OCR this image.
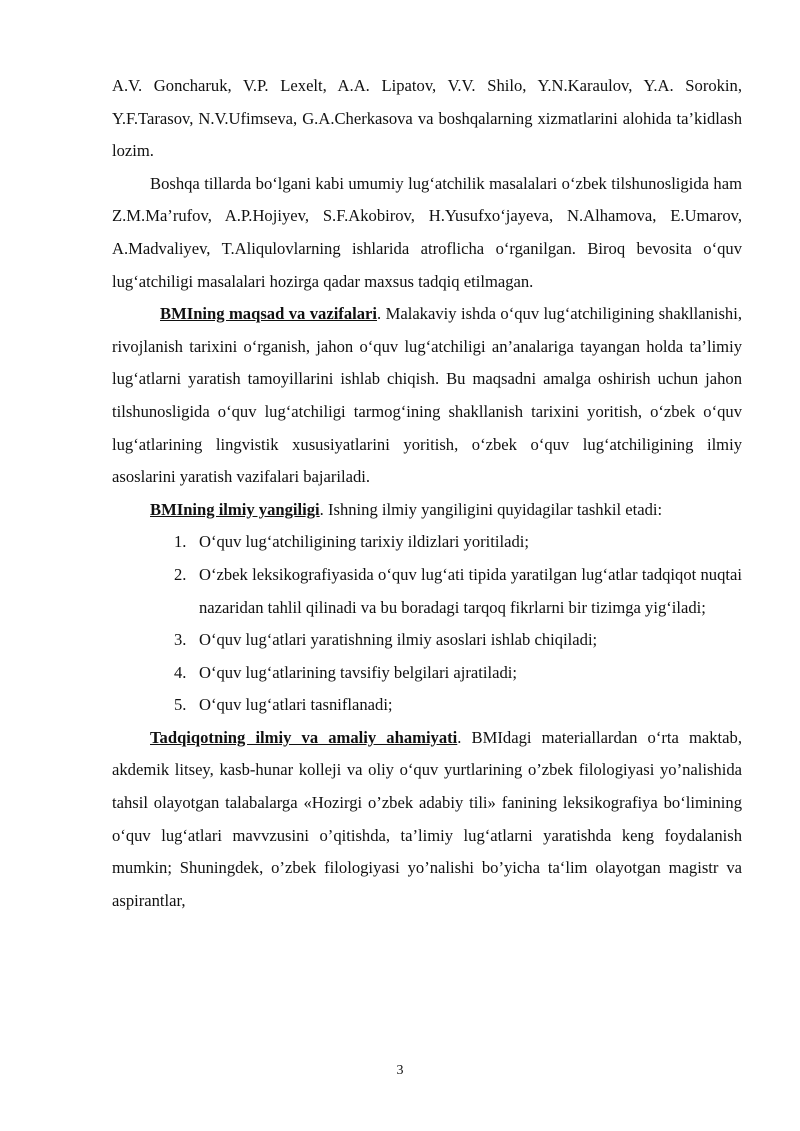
A.V. Goncharuk, V.P. Lexelt, A.A. Lipatov, V.V. Shilo, Y.N.Karaulov, Y.A. Sorokin, Y.F.Tarasov, N.V.Ufimseva, G.A.Cherkasova va boshqalarning xizmatlarini alohida ta’kidlash lozim.

Boshqa tillarda bo‘lgani kabi umumiy lug‘atchilik masalalari o‘zbek tilshunosligida ham Z.M.Ma’rufov, A.P.Hojiyev, S.F.Akobirov, H.Yusufxo‘jayeva, N.Alhamova, E.Umarov, A.Madvaliyev, T.Aliqulovlarning ishlarida atroflicha o‘rganilgan. Biroq bevosita o‘quv lug‘atchiligi masalalari hozirga qadar maxsus tadqiq etilmagan.

BMIning maqsad va vazifalari. Malakaviy ishda o‘quv lug‘atchiligining shakllanishi, rivojlanish tarixini o‘rganish, jahon o‘quv lug‘atchiligi an’analariga tayangan holda ta’limiy lug‘atlarni yaratish tamoyillarini ishlab chiqish. Bu maqsadni amalga oshirish uchun jahon tilshunosligida o‘quv lug‘atchiligi tarmog‘ining shakllanish tarixini yoritish, o‘zbek o‘quv lug‘atlarining lingvistik xususiyatlarini yoritish, o‘zbek o‘quv lug‘atchiligining ilmiy asoslarini yaratish vazifalari bajariladi.

BMIning ilmiy yangiligi. Ishning ilmiy yangiligini quyidagilar tashkil etadi:

1. O‘quv lug‘atchiligining tarixiy ildizlari yoritiladi;
2. O‘zbek leksikografiyasida o‘quv lug‘ati tipida yaratilgan lug‘atlar tadqiqot nuqtai nazaridan tahlil qilinadi va bu boradagi tarqoq fikrlarni bir tizimga yig‘iladi;
3. O‘quv lug‘atlari yaratishning ilmiy asoslari ishlab chiqiladi;
4. O‘quv lug‘atlarining tavsifiy belgilari ajratiladi;
5. O‘quv lug‘atlari tasniflanadi;

Tadqiqotning ilmiy va amaliy ahamiyati. BMIdagi materiallardan o‘rta maktab, akdemik litsey, kasb-hunar kolleji va oliy o‘quv yurtlarining o’zbek filologiyasi yo’nalishida tahsil olayotgan talabalarga «Hozirgi o’zbek adabiy tili» fanining leksikografiya bo‘limining o‘quv lug‘atlari mavvzusini o’qitishda, ta’limiy lug‘atlarni yaratishda keng foydalanish mumkin; Shuningdek, o’zbek filologiyasi yo’nalishi bo’yicha ta‘lim olayotgan magistr va aspirantlar,

3
